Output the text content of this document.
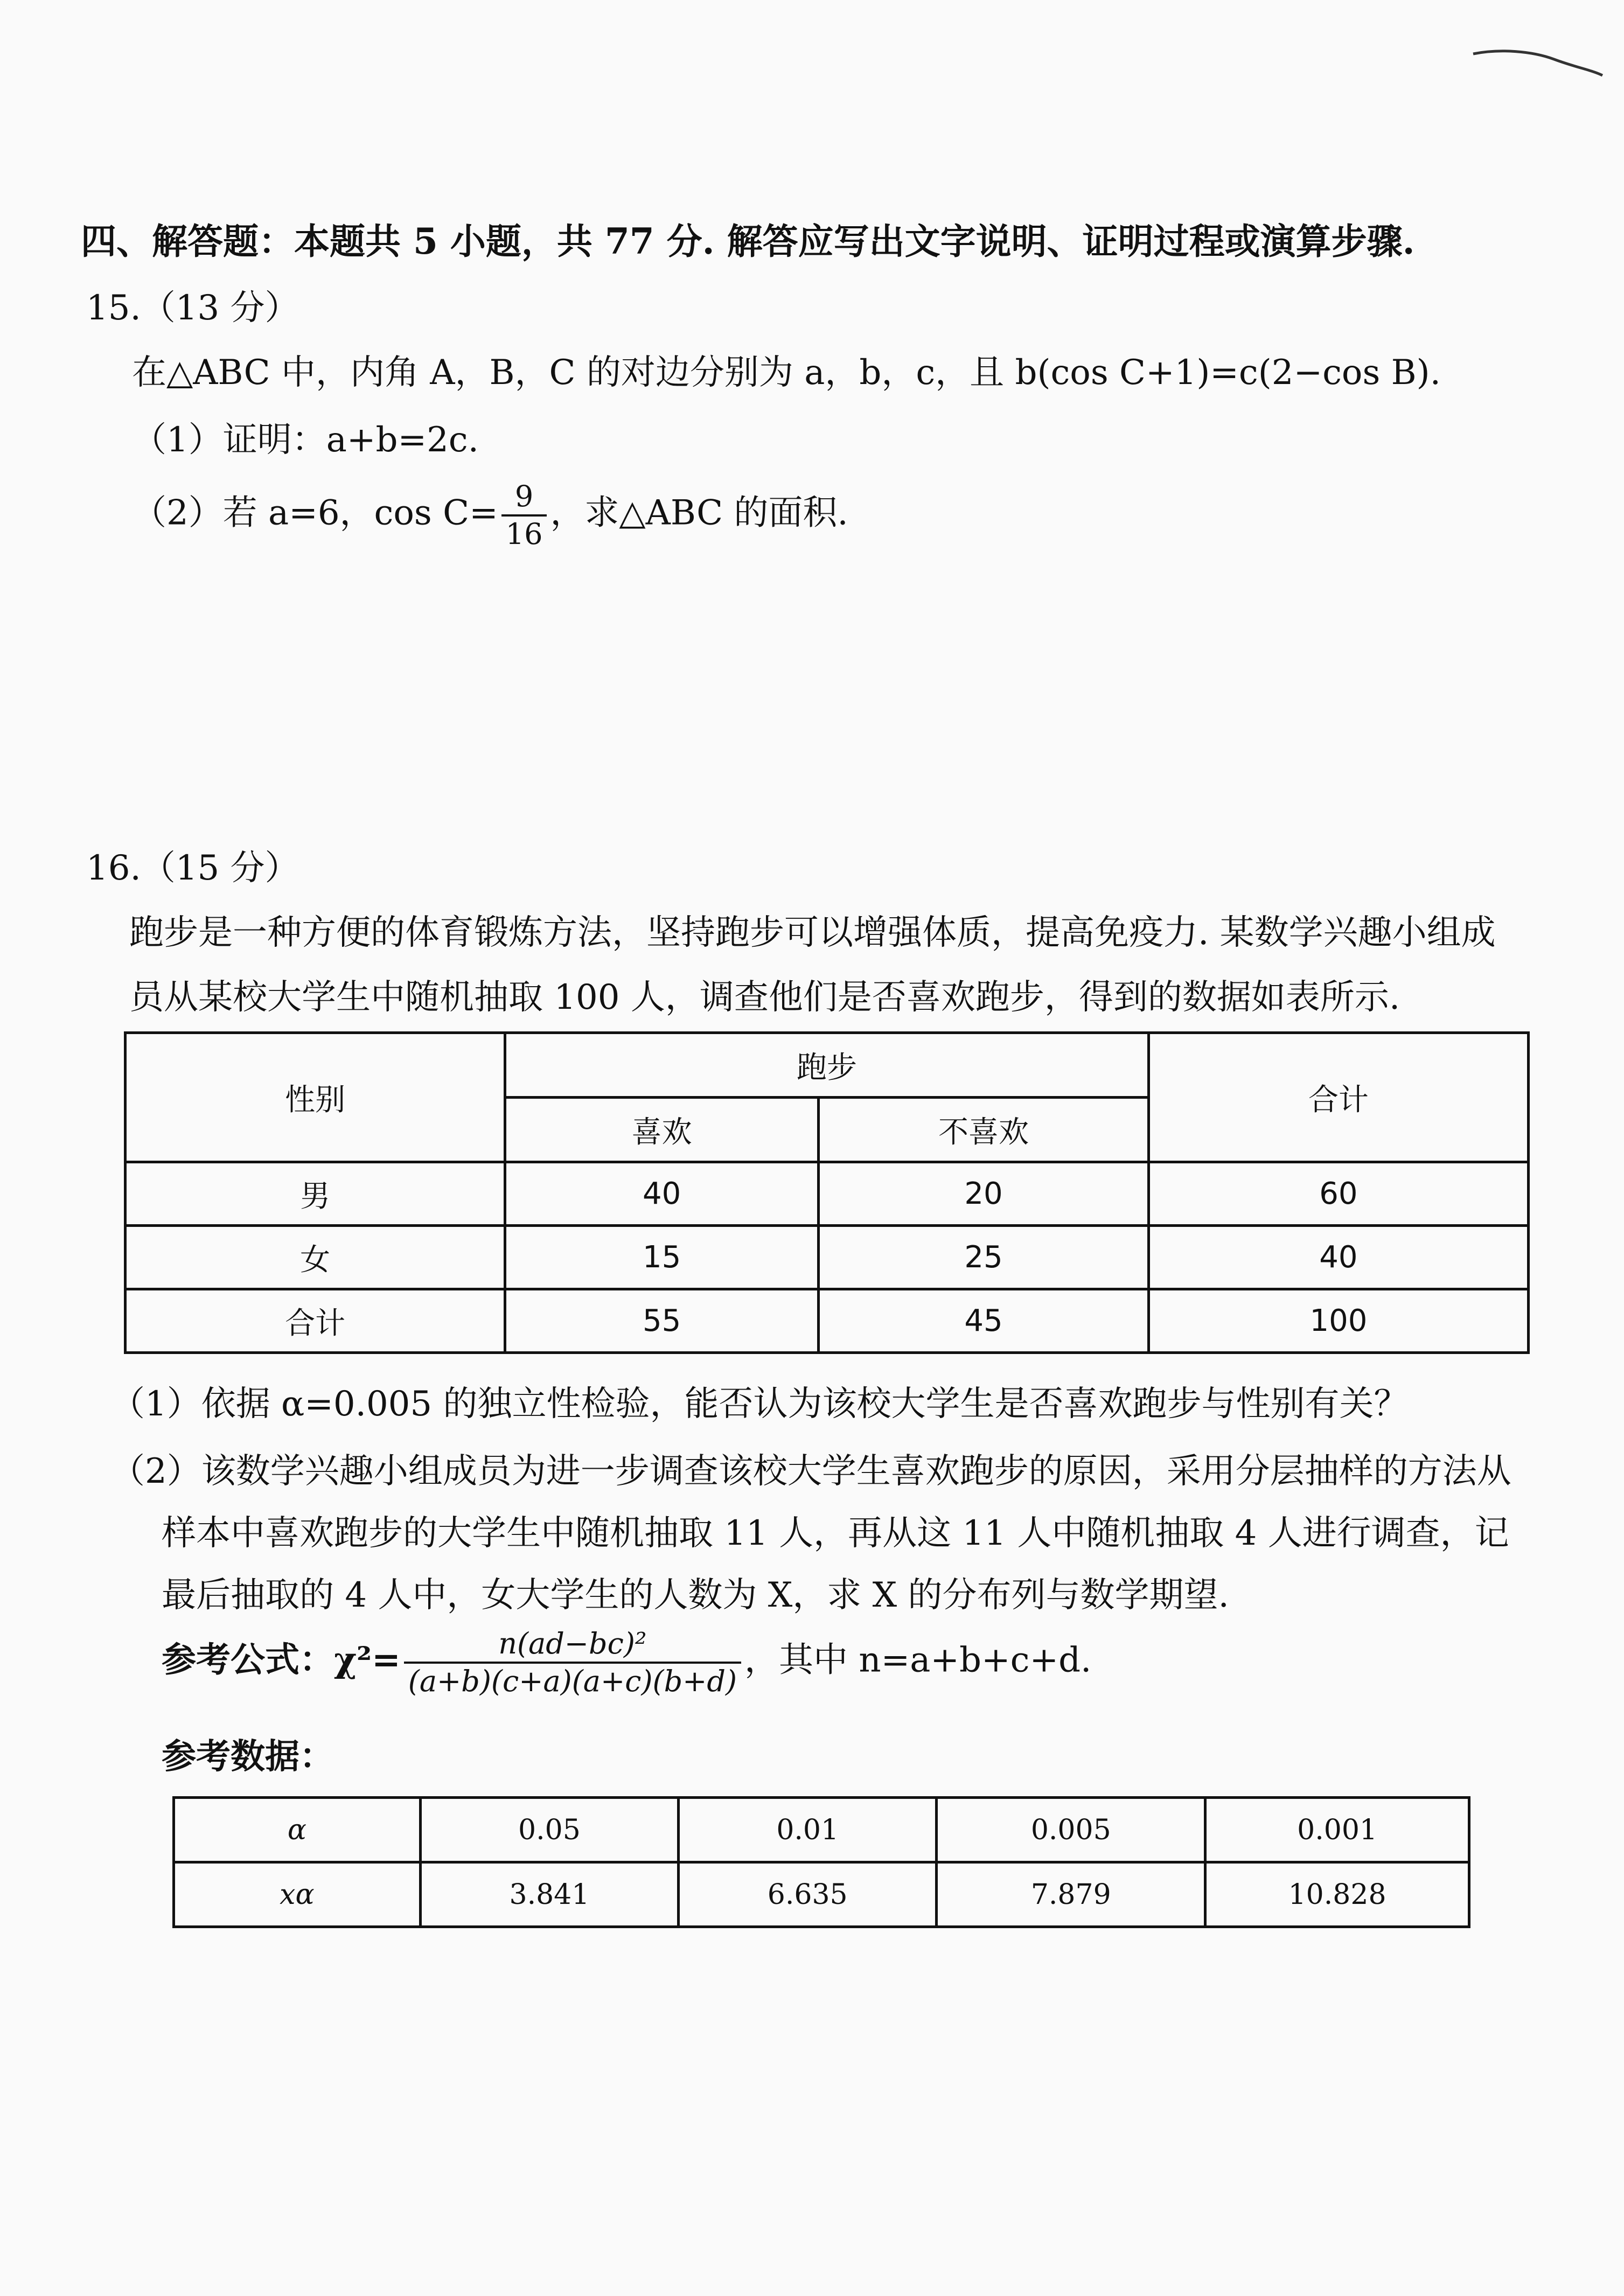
四、解答题：本题共 5 小题，共 77 分. 解答应写出文字说明、证明过程或演算步骤.
15.（13 分）
在△ABC 中，内角 A，B，C 的对边分别为 a，b，c，且 b(cos C+1)=c(2−cos B).
（1）证明：a+b=2c.
（2）若 a=6，$\cos C= \frac{9}{16}$ ，求△ABC 的面积.
16.（15 分）
跑步是一种方便的体育锻炼方法，坚持跑步可以增强体质，提高免疫力. 某数学兴趣小组成
员从某校大学生中随机抽取 100 人，调查他们是否喜欢跑步，得到的数据如表所示.
性别	跑步		合计
	喜欢	不喜欢	
男	40	20	60
女	15	25	40
合计	55	45	100
（1）依据 α=0.005 的独立性检验，能否认为该校大学生是否喜欢跑步与性别有关？
（2）该数学兴趣小组成员为进一步调查该校大学生喜欢跑步的原因，采用分层抽样的方法从
样本中喜欢跑步的大学生中随机抽取 11 人，再从这 11 人中随机抽取 4 人进行调查，记
最后抽取的 4 人中，女大学生的人数为 X，求 X 的分布列与数学期望.
参考公式：$\chi^2= \frac{\text{n(ad−bc)²}}{(a+b)(c+a)(a+c)(b+d)}$ ，其中 n=a+b+c+d.
参考数据：
α	0.05	0.01	0.005	0.001
xα	3.841	6.635	7.879	10.828
